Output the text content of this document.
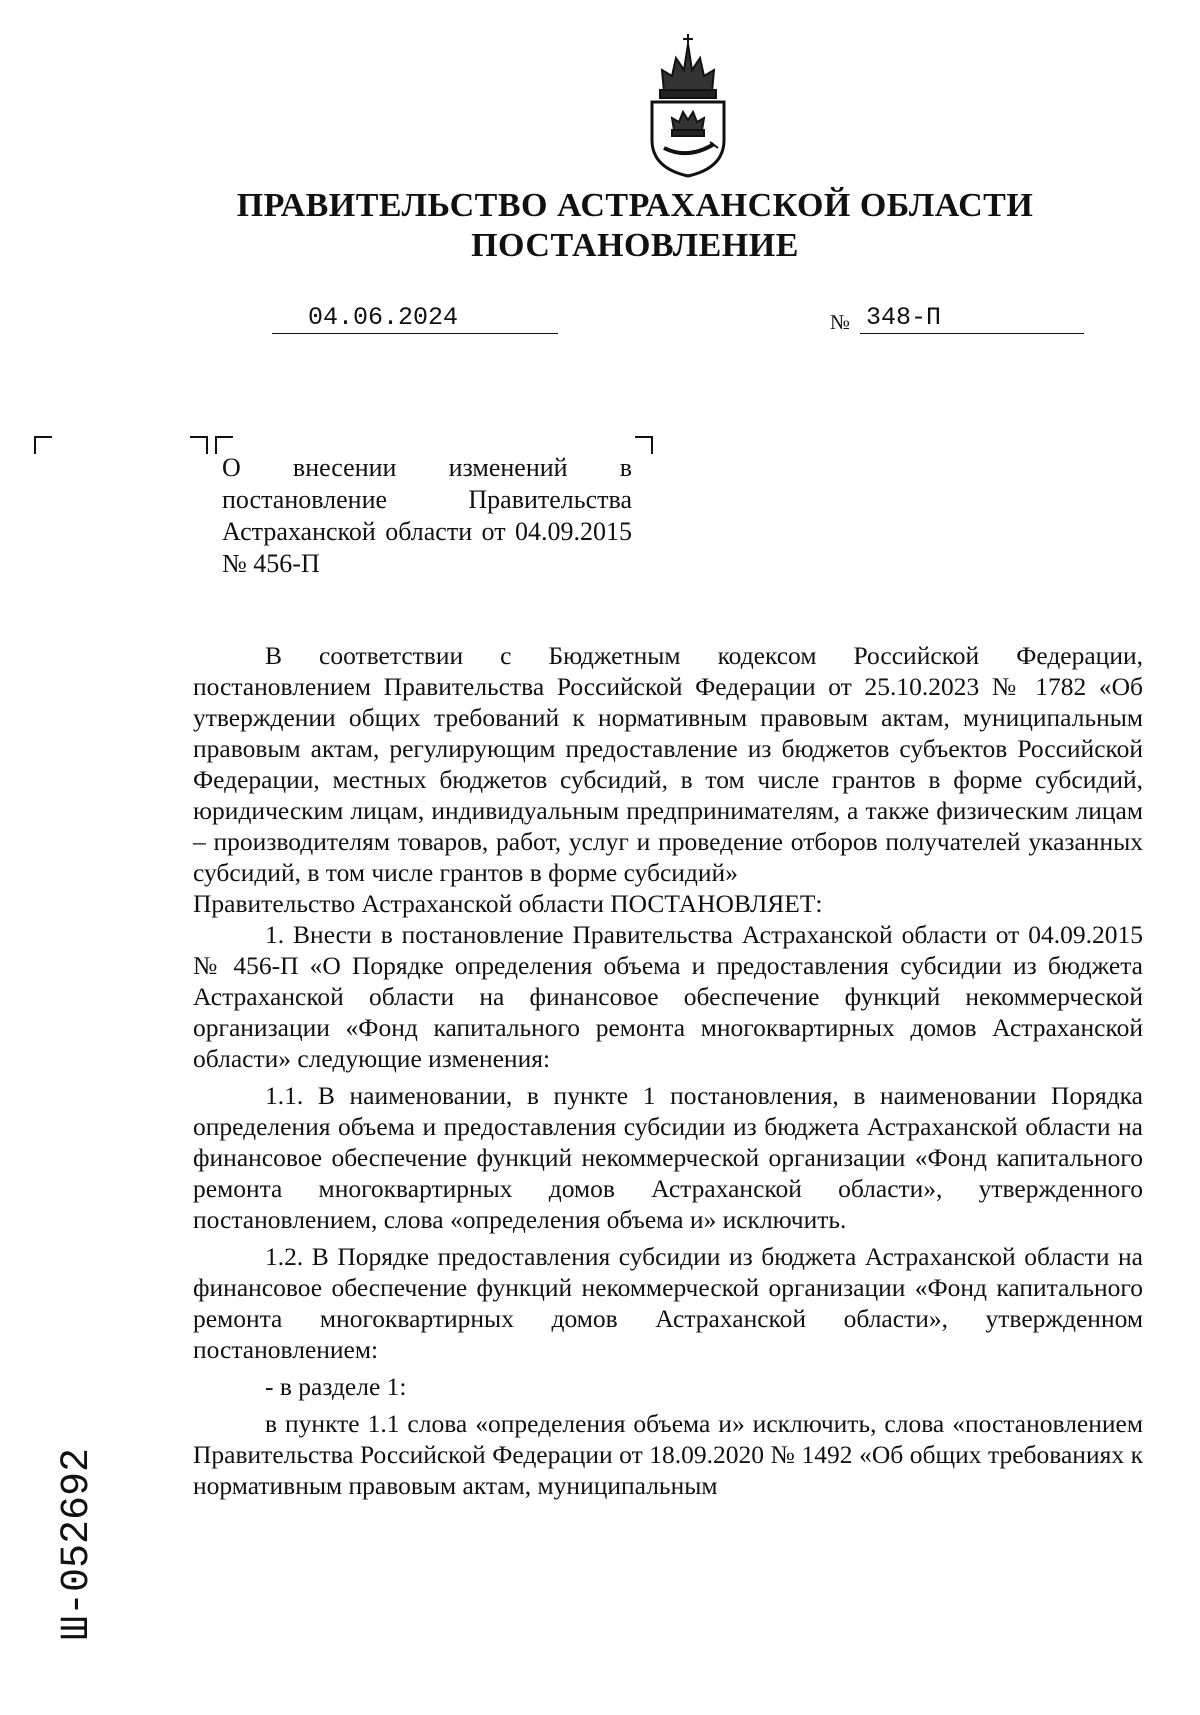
ПРАВИТЕЛЬСТВО АСТРАХАНСКОЙ ОБЛАСТИ
ПОСТАНОВЛЕНИЕ
04.06.2024	№ 348-П
О внесении изменений в постановление Правительства Астраханской области от 04.09.2015 № 456-П

В соответствии с Бюджетным кодексом Российской Федерации, постановлением Правительства Российской Федерации от 25.10.2023 № 1782 «Об утверждении общих требований к нормативным правовым актам, муниципальным правовым актам, регулирующим предоставление из бюджетов субъектов Российской Федерации, местных бюджетов субсидий, в том числе грантов в форме субсидий, юридическим лицам, индивидуальным предпринимателям, а также физическим лицам – производителям товаров, работ, услуг и проведение отборов получателей указанных субсидий, в том числе грантов в форме субсидий»

Правительство Астраханской области ПОСТАНОВЛЯЕТ:

1. Внести в постановление Правительства Астраханской области от 04.09.2015 № 456-П «О Порядке определения объема и предоставления субсидии из бюджета Астраханской области на финансовое обеспечение функций некоммерческой организации «Фонд капитального ремонта многоквартирных домов Астраханской области» следующие изменения:

1.1. В наименовании, в пункте 1 постановления, в наименовании Порядка определения объема и предоставления субсидии из бюджета Астраханской области на финансовое обеспечение функций некоммерческой организации «Фонд капитального ремонта многоквартирных домов Астраханской области», утвержденного постановлением, слова «определения объема и» исключить.

1.2. В Порядке предоставления субсидии из бюджета Астраханской области на финансовое обеспечение функций некоммерческой организации «Фонд капитального ремонта многоквартирных домов Астраханской области», утвержденном постановлением:

- в разделе 1:

в пункте 1.1 слова «определения объема и» исключить, слова «постановлением Правительства Российской Федерации от 18.09.2020 № 1492 «Об общих требованиях к нормативным правовым актам, муниципальным

Ш-052692
